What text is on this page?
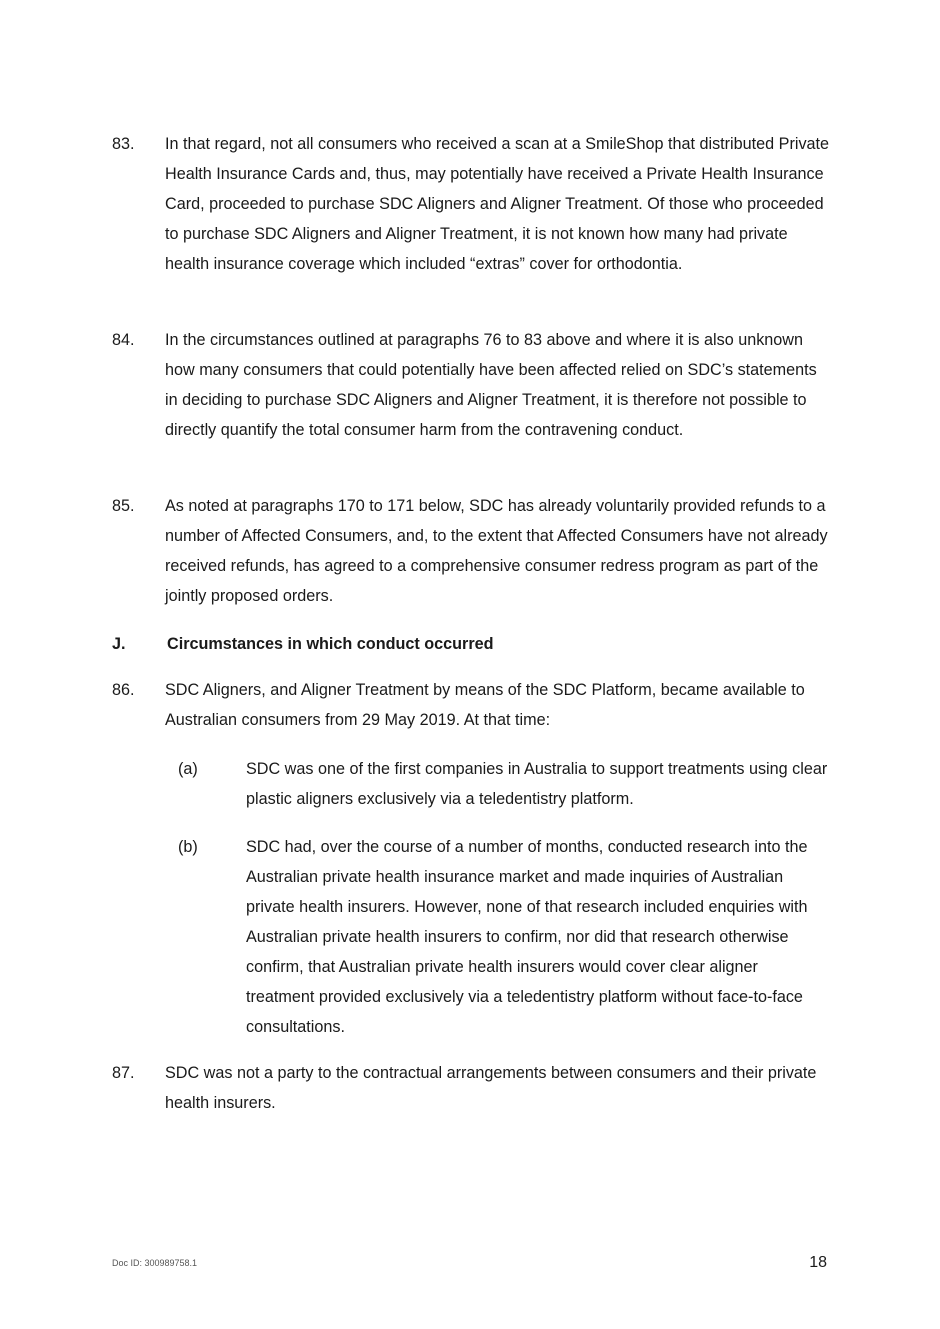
83. In that regard, not all consumers who received a scan at a SmileShop that distributed Private Health Insurance Cards and, thus, may potentially have received a Private Health Insurance Card, proceeded to purchase SDC Aligners and Aligner Treatment. Of those who proceeded to purchase SDC Aligners and Aligner Treatment, it is not known how many had private health insurance coverage which included “extras” cover for orthodontia.
84. In the circumstances outlined at paragraphs 76 to 83 above and where it is also unknown how many consumers that could potentially have been affected relied on SDC’s statements in deciding to purchase SDC Aligners and Aligner Treatment, it is therefore not possible to directly quantify the total consumer harm from the contravening conduct.
85. As noted at paragraphs 170 to 171 below, SDC has already voluntarily provided refunds to a number of Affected Consumers, and, to the extent that Affected Consumers have not already received refunds, has agreed to a comprehensive consumer redress program as part of the jointly proposed orders.
J.	Circumstances in which conduct occurred
86. SDC Aligners, and Aligner Treatment by means of the SDC Platform, became available to Australian consumers from 29 May 2019. At that time:
(a)	SDC was one of the first companies in Australia to support treatments using clear plastic aligners exclusively via a teledentistry platform.
(b)	SDC had, over the course of a number of months, conducted research into the Australian private health insurance market and made inquiries of Australian private health insurers. However, none of that research included enquiries with Australian private health insurers to confirm, nor did that research otherwise confirm, that Australian private health insurers would cover clear aligner treatment provided exclusively via a teledentistry platform without face-to-face consultations.
87. SDC was not a party to the contractual arrangements between consumers and their private health insurers.
Doc ID: 300989758.1	18
